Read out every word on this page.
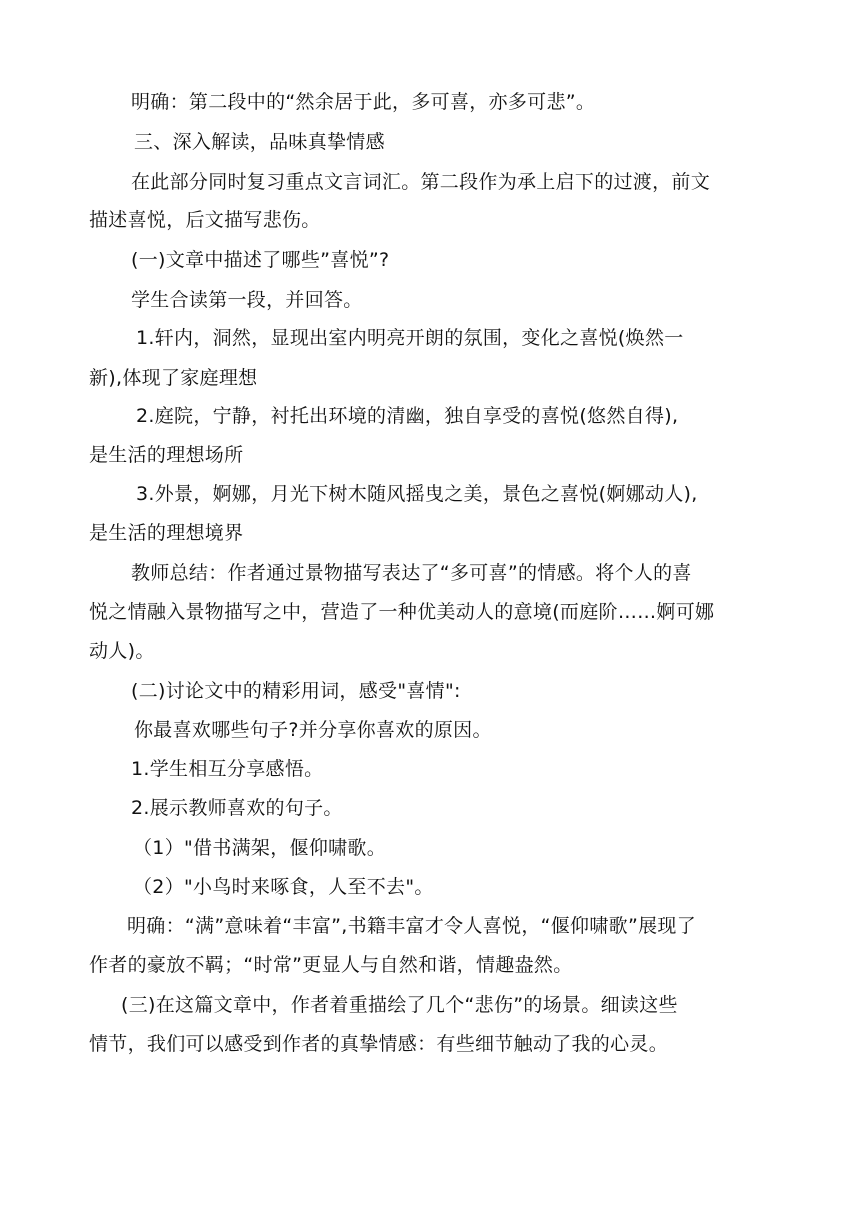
明确：第二段中的“然余居于此，多可喜，亦多可悲”。
三、深入解读，品味真挚情感
在此部分同时复习重点文言词汇。第二段作为承上启下的过渡，前文
描述喜悦，后文描写悲伤。
(一)文章中描述了哪些”喜悦”?
学生合读第一段，并回答。
1.轩内，洞然，显现出室内明亮开朗的氛围，变化之喜悦(焕然一
新),体现了家庭理想
2.庭院，宁静，衬托出环境的清幽，独自享受的喜悦(悠然自得),
是生活的理想场所
3.外景，婀娜，月光下树木随风摇曳之美，景色之喜悦(婀娜动人),
是生活的理想境界
教师总结：作者通过景物描写表达了“多可喜”的情感。将个人的喜
悦之情融入景物描写之中，营造了一种优美动人的意境(而庭阶……婀可娜
动人)。
(二)讨论文中的精彩用词，感受"喜情":
你最喜欢哪些句子?并分享你喜欢的原因。
1.学生相互分享感悟。
2.展示教师喜欢的句子。
（1）"借书满架，偃仰啸歌。
（2）"小鸟时来啄食，人至不去"。
明确：“满”意味着“丰富”,书籍丰富才令人喜悦，“偃仰啸歌”展现了
作者的豪放不羁；“时常”更显人与自然和谐，情趣盎然。
(三)在这篇文章中，作者着重描绘了几个“悲伤”的场景。细读这些
情节，我们可以感受到作者的真挚情感：有些细节触动了我的心灵。
